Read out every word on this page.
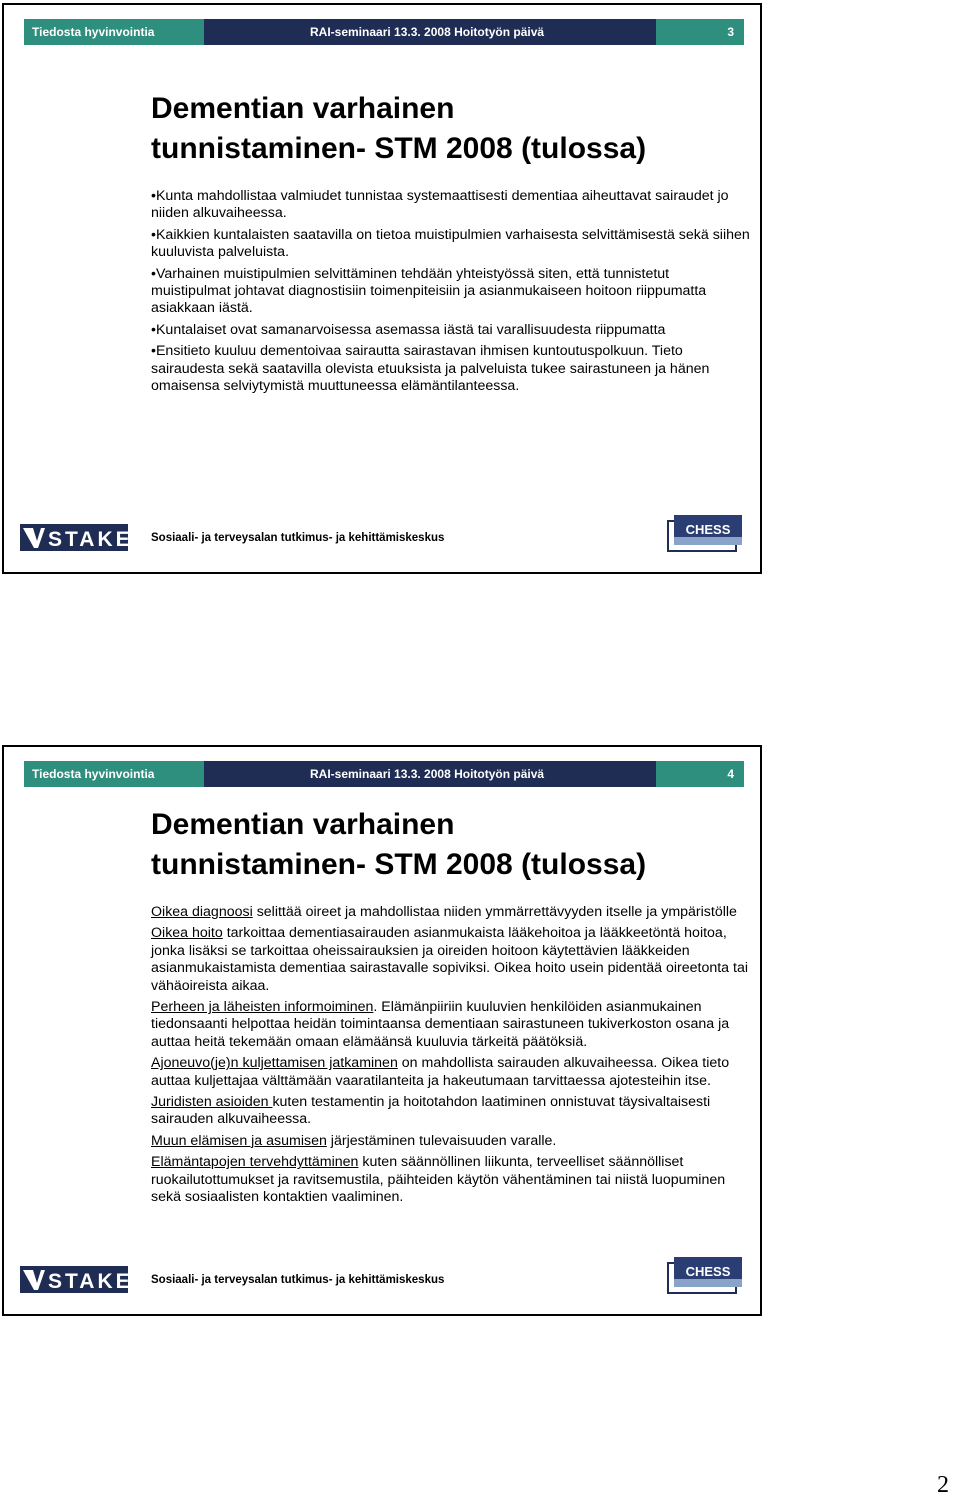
Tiedosta hyvinvointia	RAI-seminaari 13.3. 2008 Hoitotyön päivä	3
Dementian varhainen
tunnistaminen- STM 2008 (tulossa)

•Kunta mahdollistaa valmiudet tunnistaa systemaattisesti dementiaa aiheuttavat sairaudet jo niiden alkuvaiheessa.

•Kaikkien kuntalaisten saatavilla on tietoa muistipulmien varhaisesta selvittämisestä sekä siihen kuuluvista palveluista.

•Varhainen muistipulmien selvittäminen tehdään yhteistyössä siten, että tunnistetut muistipulmat johtavat diagnostisiin toimenpiteisiin ja asianmukaiseen hoitoon riippumatta asiakkaan iästä.

•Kuntalaiset ovat samanarvoisessa asemassa iästä tai varallisuudesta riippumatta

•Ensitieto kuuluu dementoivaa sairautta sairastavan ihmisen kuntoutuspolkuun. Tieto sairaudesta sekä saatavilla olevista etuuksista ja palveluista tukee sairastuneen ja hänen omaisensa selviytymistä muuttuneessa elämäntilanteessa.

STAKES Sosiaali- ja terveysalan tutkimus- ja kehittämiskeskus
CHESS
Tiedosta hyvinvointia	RAI-seminaari 13.3. 2008 Hoitotyön päivä	4
Dementian varhainen
tunnistaminen- STM 2008 (tulossa)

Oikea diagnoosi selittää oireet ja mahdollistaa niiden ymmärrettävyyden itselle ja ympäristölle

Oikea hoito tarkoittaa dementiasairauden asianmukaista lääkehoitoa ja lääkkeetöntä hoitoa, jonka lisäksi se tarkoittaa oheissairauksien ja oireiden hoitoon käytettävien lääkkeiden asianmukaistamista dementiaa sairastavalle sopiviksi. Oikea hoito usein pidentää oireetonta tai vähäoireista aikaa.

Perheen ja läheisten informoiminen. Elämänpiiriin kuuluvien henkilöiden asianmukainen tiedonsaanti helpottaa heidän toimintaansa dementiaan sairastuneen tukiverkoston osana ja auttaa heitä tekemään omaan elämäänsä kuuluvia tärkeitä päätöksiä.

Ajoneuvo(je)n kuljettamisen jatkaminen on mahdollista sairauden alkuvaiheessa. Oikea tieto auttaa kuljettajaa välttämään vaaratilanteita ja hakeutumaan tarvittaessa ajotesteihin itse.

Juridisten asioiden kuten testamentin ja hoitotahdon laatiminen onnistuvat täysivaltaisesti sairauden alkuvaiheessa.

Muun elämisen ja asumisen järjestäminen tulevaisuuden varalle.

Elämäntapojen tervehdyttäminen kuten säännöllinen liikunta, terveelliset säännölliset ruokailutottumukset ja ravitsemustila, päihteiden käytön vähentäminen tai niistä luopuminen sekä sosiaalisten kontaktien vaaliminen.

STAKES Sosiaali- ja terveysalan tutkimus- ja kehittämiskeskus
CHESS
2
